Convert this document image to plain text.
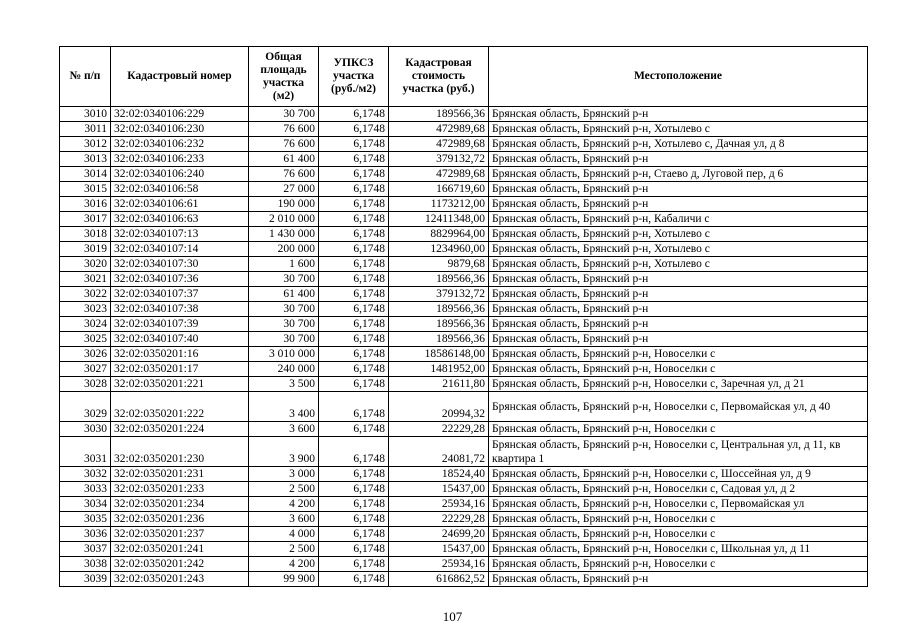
№ п/п	Кадастровый номер	Общая площадь участка (м2)	УПКСЗ участка (руб./м2)	Кадастровая стоимость участка (руб.)	Местоположение
3010	32:02:0340106:229	30 700	6,1748	189566,36	Брянская область, Брянский р-н
3011	32:02:0340106:230	76 600	6,1748	472989,68	Брянская область, Брянский р-н, Хотылево с
3012	32:02:0340106:232	76 600	6,1748	472989,68	Брянская область, Брянский р-н, Хотылево с, Дачная ул, д 8
3013	32:02:0340106:233	61 400	6,1748	379132,72	Брянская область, Брянский р-н
3014	32:02:0340106:240	76 600	6,1748	472989,68	Брянская область, Брянский р-н, Стаево д, Луговой пер, д 6
3015	32:02:0340106:58	27 000	6,1748	166719,60	Брянская область, Брянский р-н
3016	32:02:0340106:61	190 000	6,1748	1173212,00	Брянская область, Брянский р-н
3017	32:02:0340106:63	2 010 000	6,1748	12411348,00	Брянская область, Брянский р-н, Кабаличи с
3018	32:02:0340107:13	1 430 000	6,1748	8829964,00	Брянская область, Брянский р-н, Хотылево с
3019	32:02:0340107:14	200 000	6,1748	1234960,00	Брянская область, Брянский р-н, Хотылево с
3020	32:02:0340107:30	1 600	6,1748	9879,68	Брянская область, Брянский р-н, Хотылево с
3021	32:02:0340107:36	30 700	6,1748	189566,36	Брянская область, Брянский р-н
3022	32:02:0340107:37	61 400	6,1748	379132,72	Брянская область, Брянский р-н
3023	32:02:0340107:38	30 700	6,1748	189566,36	Брянская область, Брянский р-н
3024	32:02:0340107:39	30 700	6,1748	189566,36	Брянская область, Брянский р-н
3025	32:02:0340107:40	30 700	6,1748	189566,36	Брянская область, Брянский р-н
3026	32:02:0350201:16	3 010 000	6,1748	18586148,00	Брянская область, Брянский р-н, Новоселки с
3027	32:02:0350201:17	240 000	6,1748	1481952,00	Брянская область, Брянский р-н, Новоселки с
3028	32:02:0350201:221	3 500	6,1748	21611,80	Брянская область, Брянский р-н, Новоселки с, Заречная ул, д 21
3029	32:02:0350201:222	3 400	6,1748	20994,32	Брянская область, Брянский р-н, Новоселки с, Первомайская ул, д 40
3030	32:02:0350201:224	3 600	6,1748	22229,28	Брянская область, Брянский р-н, Новоселки с
3031	32:02:0350201:230	3 900	6,1748	24081,72	Брянская область, Брянский р-н, Новоселки с, Центральная ул, д 11, кв квартира 1
3032	32:02:0350201:231	3 000	6,1748	18524,40	Брянская область, Брянский р-н, Новоселки с, Шоссейная ул, д 9
3033	32:02:0350201:233	2 500	6,1748	15437,00	Брянская область, Брянский р-н, Новоселки с, Садовая ул, д 2
3034	32:02:0350201:234	4 200	6,1748	25934,16	Брянская область, Брянский р-н, Новоселки с, Первомайская ул
3035	32:02:0350201:236	3 600	6,1748	22229,28	Брянская область, Брянский р-н, Новоселки с
3036	32:02:0350201:237	4 000	6,1748	24699,20	Брянская область, Брянский р-н, Новоселки с
3037	32:02:0350201:241	2 500	6,1748	15437,00	Брянская область, Брянский р-н, Новоселки с, Школьная ул, д 11
3038	32:02:0350201:242	4 200	6,1748	25934,16	Брянская область, Брянский р-н, Новоселки с
3039	32:02:0350201:243	99 900	6,1748	616862,52	Брянская область, Брянский р-н
107
